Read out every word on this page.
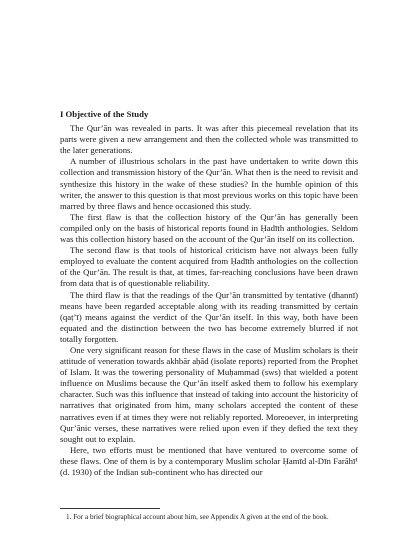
I Objective of the Study

The Qur’ān was revealed in parts. It was after this piecemeal revelation that its parts were given a new arrangement and then the collected whole was transmitted to the later generations.

A number of illustrious scholars in the past have undertaken to write down this collection and transmission history of the Qur’ān. What then is the need to revisit and synthesize this history in the wake of these studies? In the humble opinion of this writer, the answer to this question is that most previous works on this topic have been marred by three flaws and hence occasioned this study.

The first flaw is that the collection history of the Qur’ān has generally been compiled only on the basis of historical reports found in Ḥadīth anthologies. Seldom was this collection history based on the account of the Qur’ān itself on its collection.

The second flaw is that tools of historical criticism have not always been fully employed to evaluate the content acquired from Ḥadīth anthologies on the collection of the Qur’ān. The result is that, at times, far-reaching conclusions have been drawn from data that is of questionable reliability.

The third flaw is that the readings of the Qur’ān transmitted by tentative (dhannī) means have been regarded acceptable along with its reading transmitted by certain (qaṭ’ī) means against the verdict of the Qur’ān itself. In this way, both have been equated and the distinction between the two has become extremely blurred if not totally forgotten.

One very significant reason for these flaws in the case of Muslim scholars is their attitude of veneration towards akhbār aḥād (isolate reports) reported from the Prophet of Islam. It was the towering personality of Muḥammad (sws) that wielded a potent influence on Muslims because the Qur’ān itself asked them to follow his exemplary character. Such was this influence that instead of taking into account the historicity of narratives that originated from him, many scholars accepted the content of these narratives even if at times they were not reliably reported. Moreoever, in interpreting Qur’ānic verses, these narratives were relied upon even if they defied the text they sought out to explain.

Here, two efforts must be mentioned that have ventured to overcome some of these flaws. One of them is by a contemporary Muslim scholar Ḥamīd al-Dīn Farāhī¹ (d. 1930) of the Indian sub-continent who has directed our

1. For a brief biographical account about him, see Appendix A given at the end of the book.
